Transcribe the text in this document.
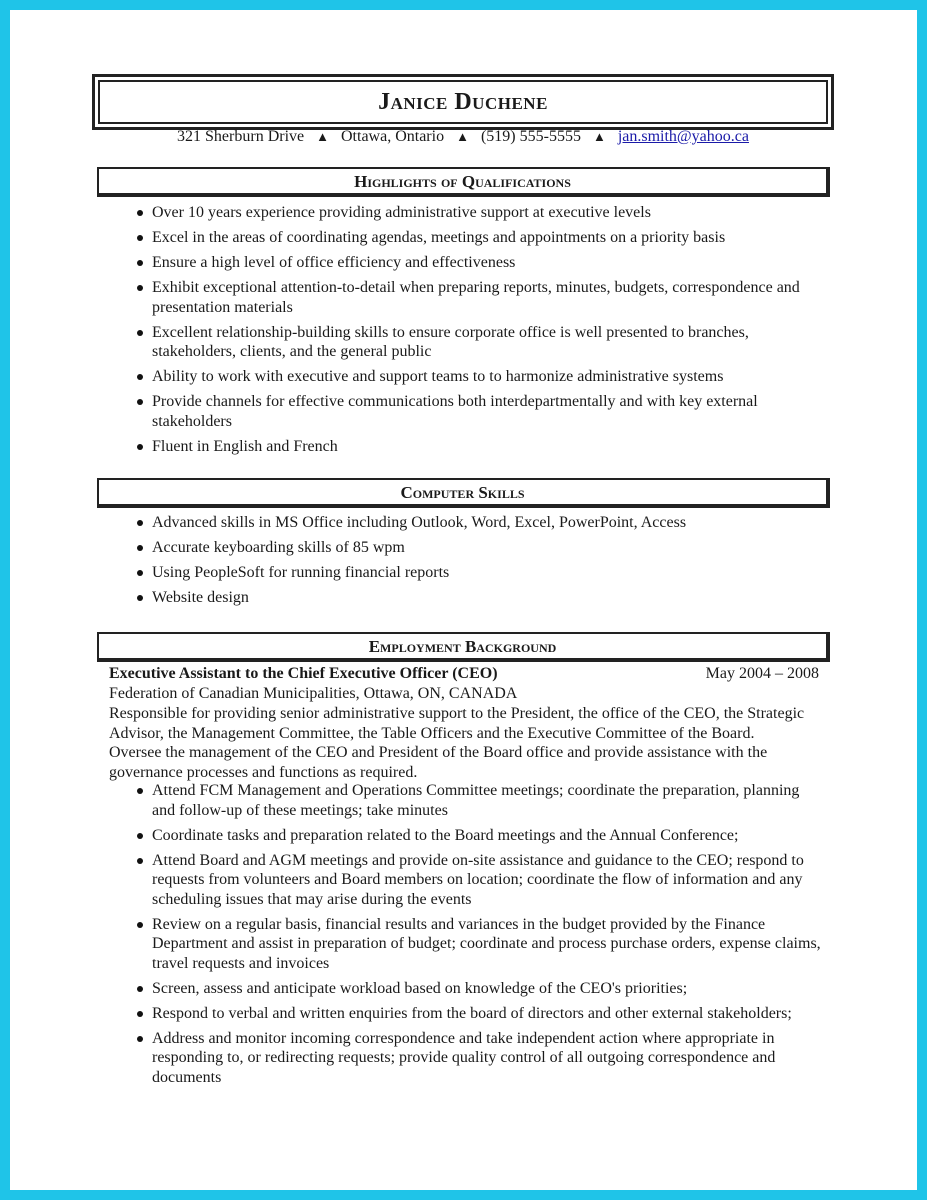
Janice Duchene
321 Sherburn Drive ▲ Ottawa, Ontario ▲ (519) 555-5555 ▲ jan.smith@yahoo.ca
Highlights of Qualifications
Over 10 years experience providing administrative support at executive levels
Excel in the areas of coordinating agendas, meetings and appointments on a priority basis
Ensure a high level of office efficiency and effectiveness
Exhibit exceptional attention-to-detail when preparing reports, minutes, budgets, correspondence and presentation materials
Excellent relationship-building skills to ensure corporate office is well presented to branches, stakeholders, clients, and the general public
Ability to work with executive and support teams to to harmonize administrative systems
Provide channels for effective communications both interdepartmentally and with key external stakeholders
Fluent in English and French
Computer Skills
Advanced skills in MS Office including Outlook, Word, Excel, PowerPoint, Access
Accurate keyboarding skills of 85 wpm
Using PeopleSoft for running financial reports
Website design
Employment Background
Executive Assistant to the Chief Executive Officer (CEO)	May 2004 – 2008
Federation of Canadian Municipalities, Ottawa, ON, CANADA
Responsible for providing senior administrative support to the President, the office of the CEO, the Strategic Advisor, the Management Committee, the Table Officers and the Executive Committee of the Board. Oversee the management of the CEO and President of the Board office and provide assistance with the governance processes and functions as required.
Attend FCM Management and Operations Committee meetings; coordinate the preparation, planning and follow-up of these meetings; take minutes
Coordinate tasks and preparation related to the Board meetings and the Annual Conference;
Attend Board and AGM meetings and provide on-site assistance and guidance to the CEO; respond to requests from volunteers and Board members on location; coordinate the flow of information and any scheduling issues that may arise during the events
Review on a regular basis, financial results and variances in the budget provided by the Finance Department and assist in preparation of budget; coordinate and process purchase orders, expense claims, travel requests and invoices
Screen, assess and anticipate workload based on knowledge of the CEO's priorities;
Respond to verbal and written enquiries from the board of directors and other external stakeholders;
Address and monitor incoming correspondence and take independent action where appropriate in responding to, or redirecting requests; provide quality control of all outgoing correspondence and documents
